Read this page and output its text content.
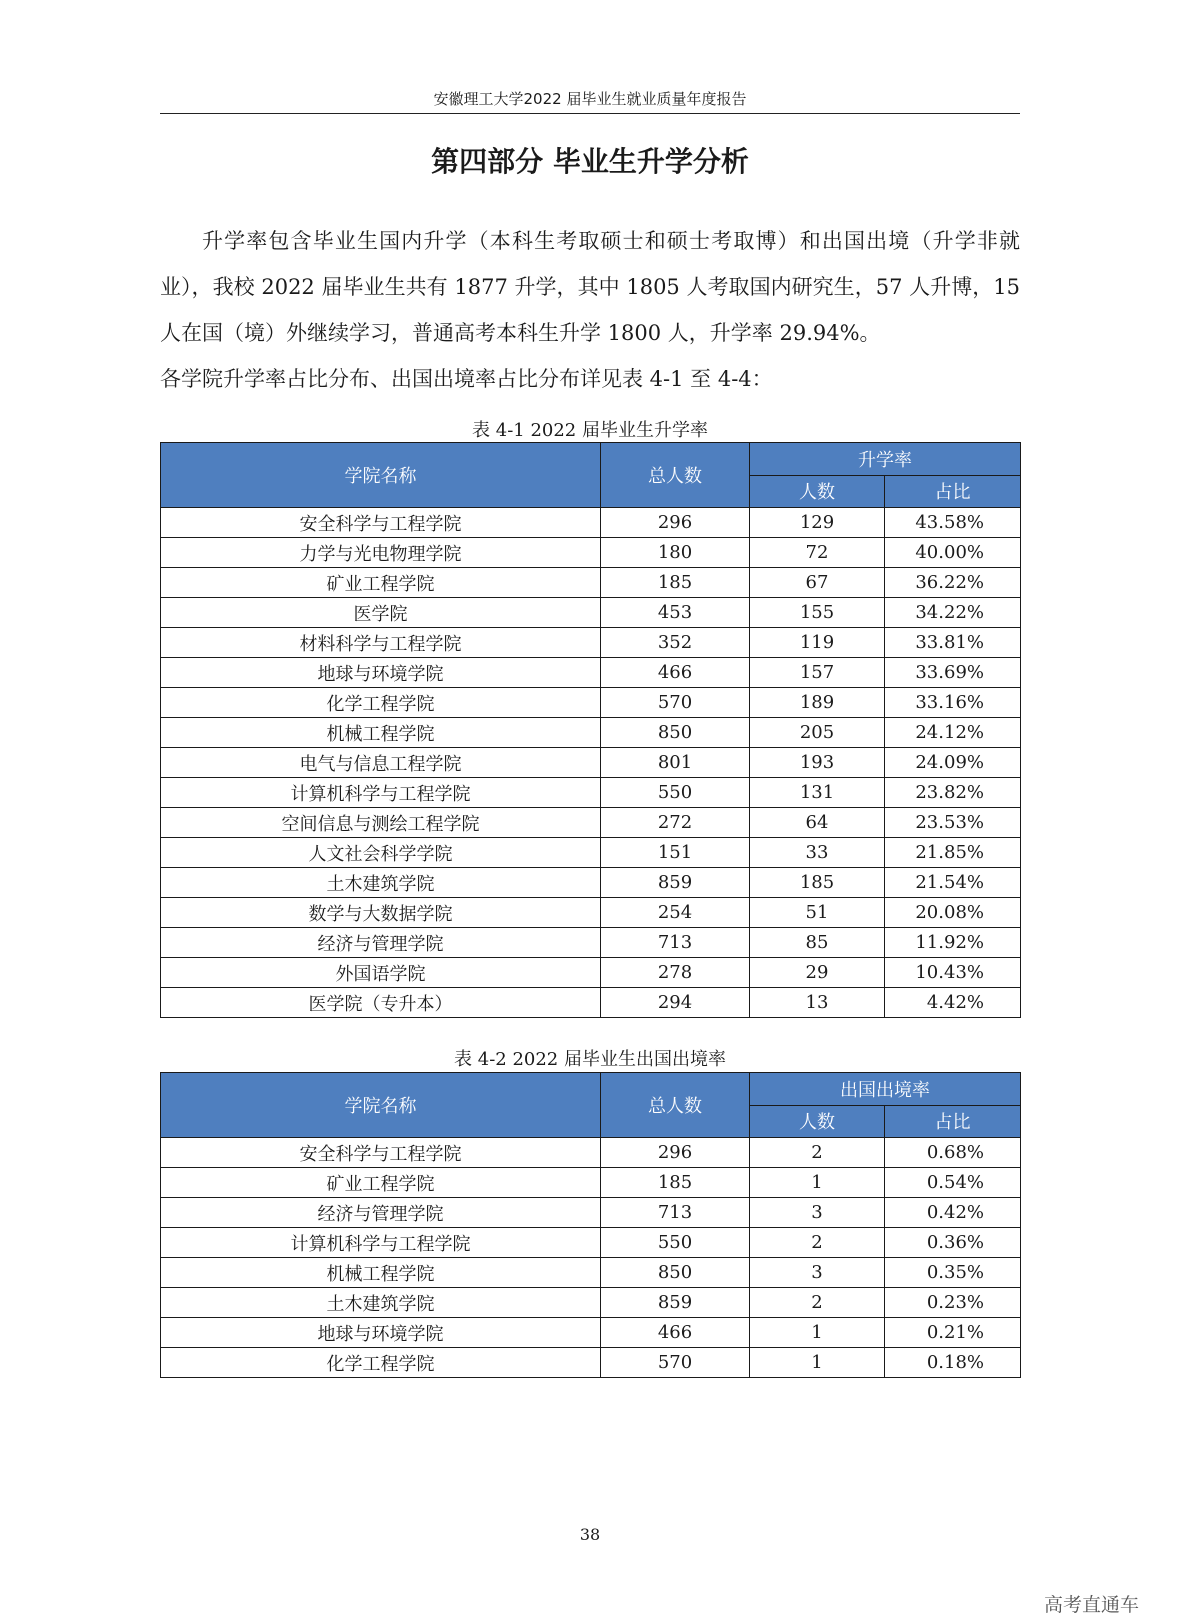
安徽理工大学2022 届毕业生就业质量年度报告
第四部分 毕业生升学分析

升学率包含毕业生国内升学（本科生考取硕士和硕士考取博）和出国出境（升学非就业），我校 2022 届毕业生共有 1877 升学，其中 1805 人考取国内研究生，57 人升博，15 人在国（境）外继续学习，普通高考本科生升学 1800 人，升学率 29.94%。

各学院升学率占比分布、出国出境率占比分布详见表 4-1 至 4-4：

表 4-1 2022 届毕业生升学率
学院名称	总人数	升学率	
		人数	占比
安全科学与工程学院	296	129	43.58%
力学与光电物理学院	180	72	40.00%
矿业工程学院	185	67	36.22%
医学院	453	155	34.22%
材料科学与工程学院	352	119	33.81%
地球与环境学院	466	157	33.69%
化学工程学院	570	189	33.16%
机械工程学院	850	205	24.12%
电气与信息工程学院	801	193	24.09%
计算机科学与工程学院	550	131	23.82%
空间信息与测绘工程学院	272	64	23.53%
人文社会科学学院	151	33	21.85%
土木建筑学院	859	185	21.54%
数学与大数据学院	254	51	20.08%
经济与管理学院	713	85	11.92%
外国语学院	278	29	10.43%
医学院（专升本）	294	13	4.42%
表 4-2 2022 届毕业生出国出境率
学院名称	总人数	出国出境率	
		人数	占比
安全科学与工程学院	296	2	0.68%
矿业工程学院	185	1	0.54%
经济与管理学院	713	3	0.42%
计算机科学与工程学院	550	2	0.36%
机械工程学院	850	3	0.35%
土木建筑学院	859	2	0.23%
地球与环境学院	466	1	0.21%
化学工程学院	570	1	0.18%
38
高考直通车
